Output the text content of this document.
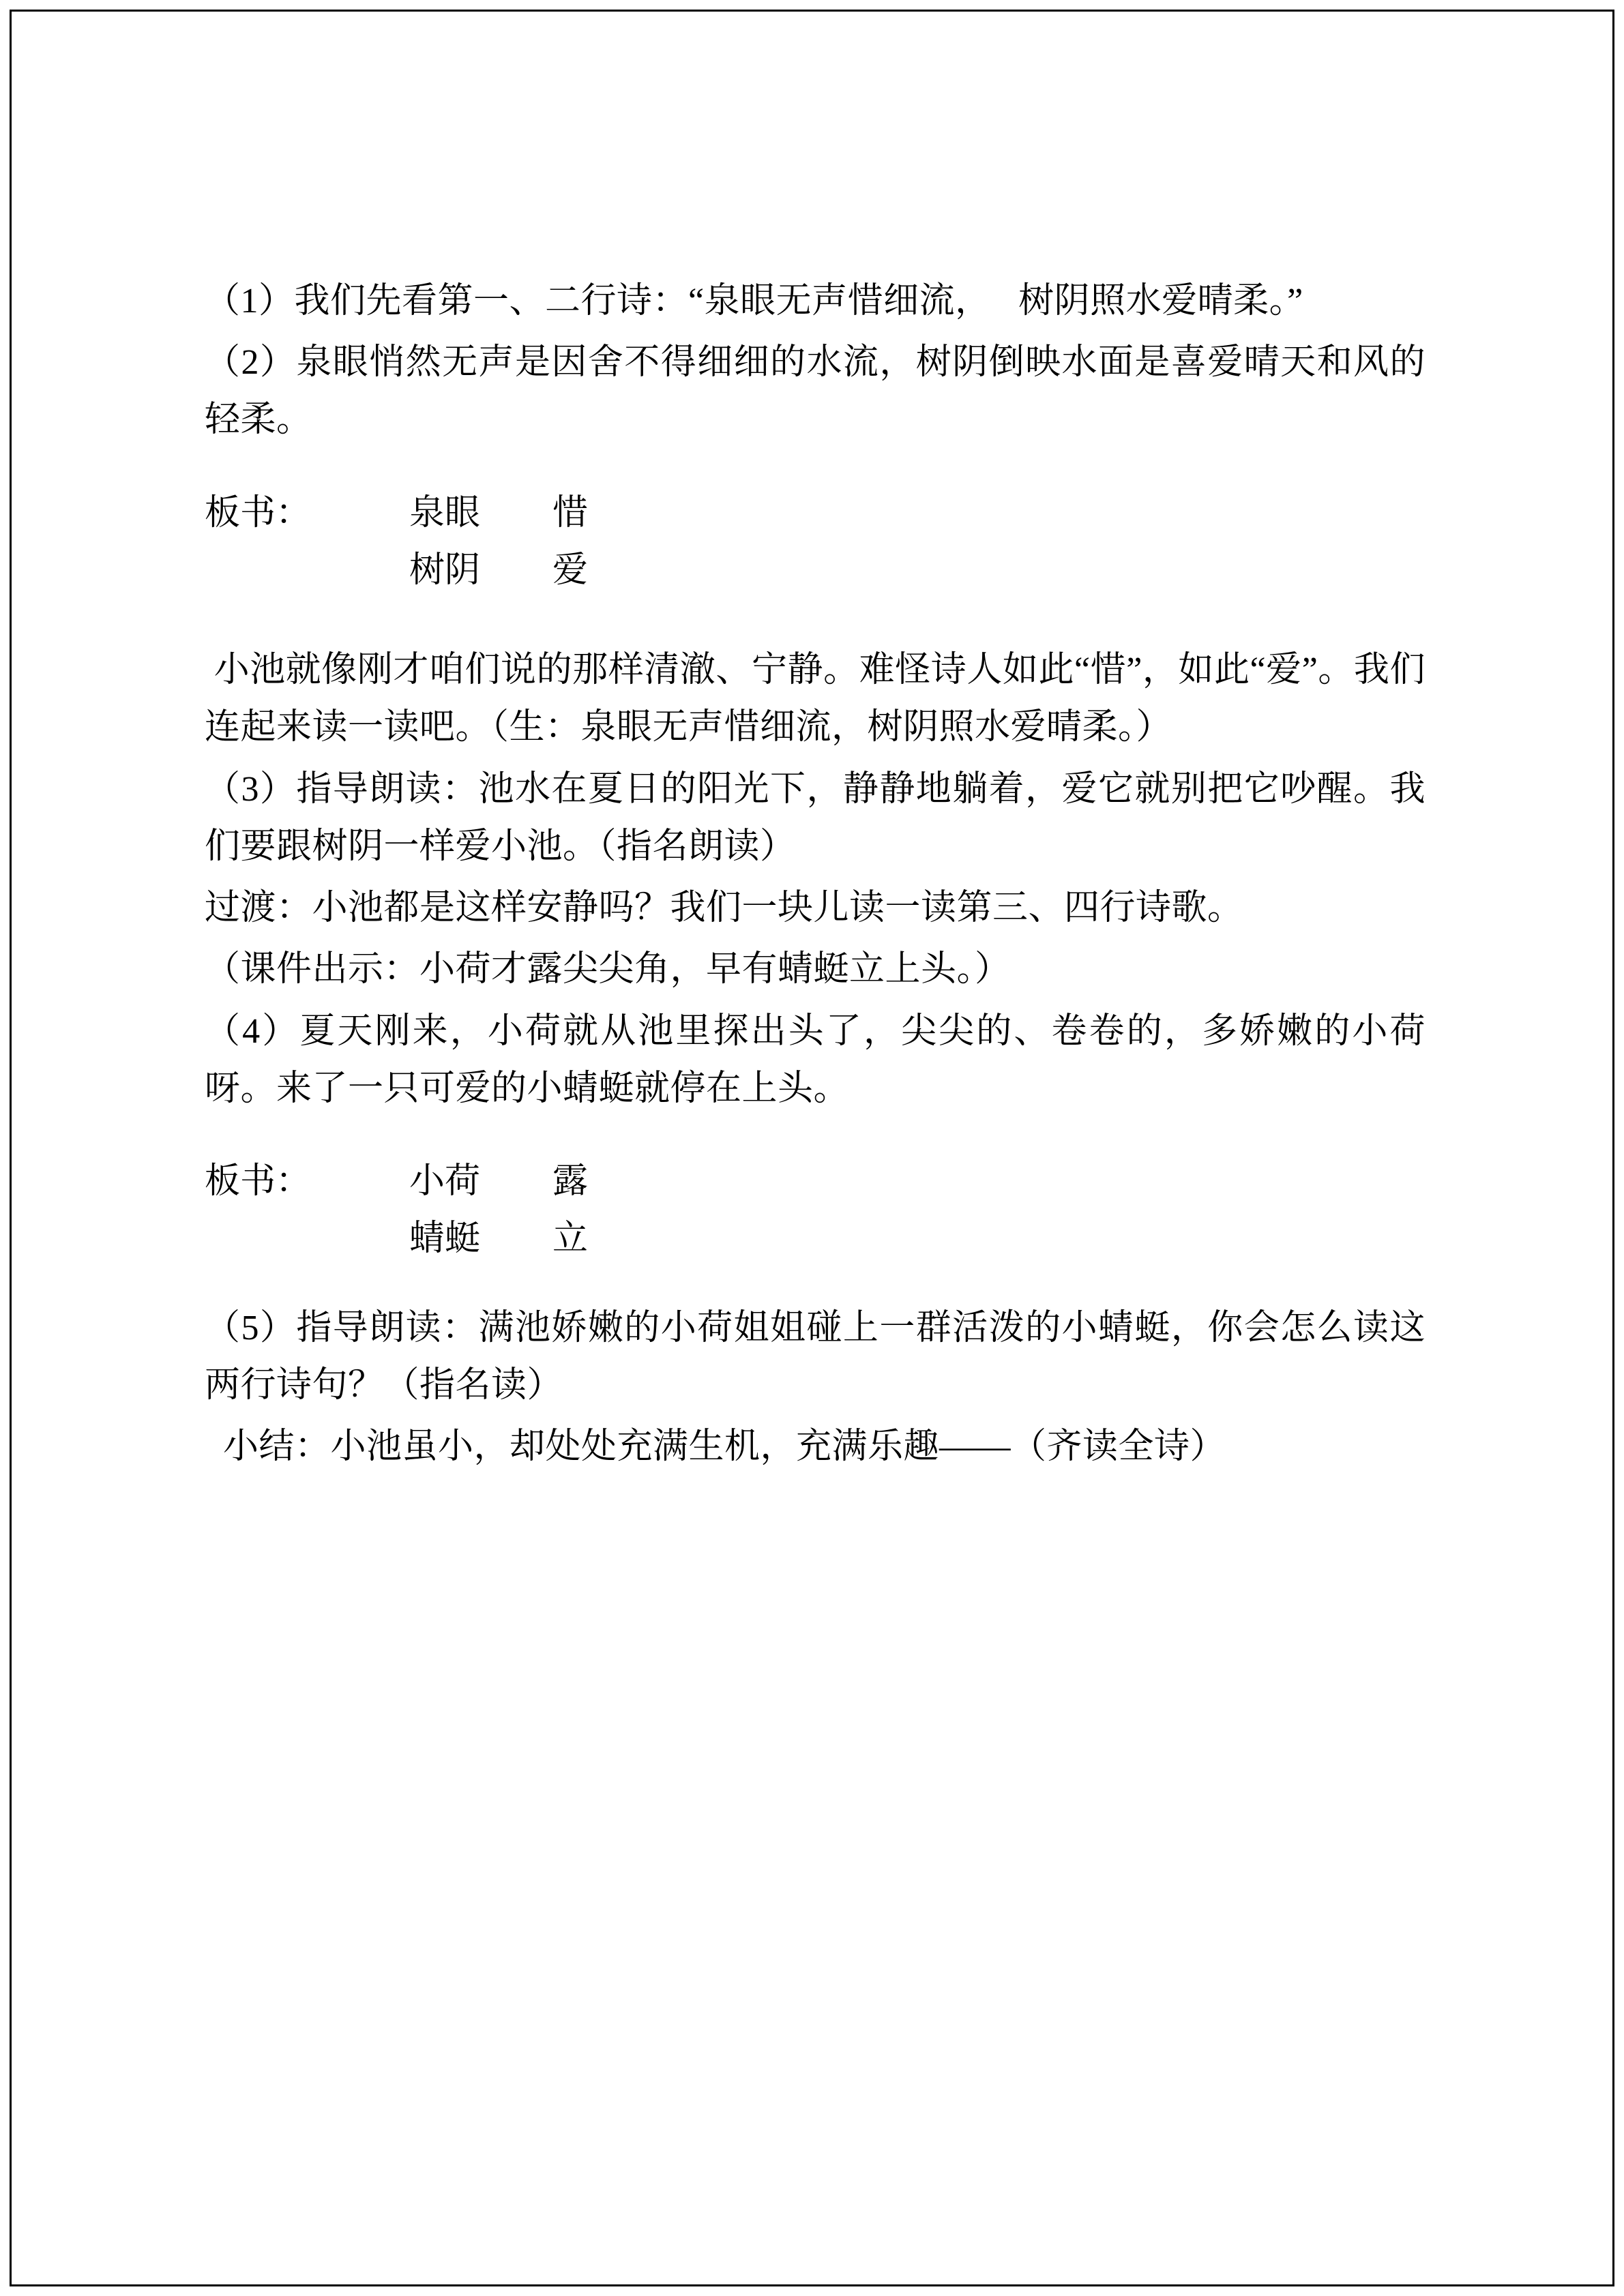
（1）我们先看第一、二行诗：“泉眼无声惜细流，   树阴照水爱晴柔。”

（2）泉眼悄然无声是因舍不得细细的水流，树阴倒映水面是喜爱晴天和风的轻柔。

板书：	泉眼	惜
树阴	爱

小池就像刚才咱们说的那样清澈、宁静。难怪诗人如此“惜”，如此“爱”。我们连起来读一读吧。（生：泉眼无声惜细流，树阴照水爱晴柔。）

（3）指导朗读：池水在夏日的阳光下，静静地躺着，爱它就别把它吵醒。我们要跟树阴一样爱小池。（指名朗读）

过渡：小池都是这样安静吗？我们一块儿读一读第三、四行诗歌。

（课件出示：小荷才露尖尖角，早有蜻蜓立上头。）

（4）夏天刚来，小荷就从池里探出头了，尖尖的、卷卷的，多娇嫩的小荷呀。来了一只可爱的小蜻蜓就停在上头。

板书：	小荷	露
蜻蜓	立

（5）指导朗读：满池娇嫩的小荷姐姐碰上一群活泼的小蜻蜓，你会怎么读这两行诗句？（指名读）

小结：小池虽小，却处处充满生机，充满乐趣——（齐读全诗）
